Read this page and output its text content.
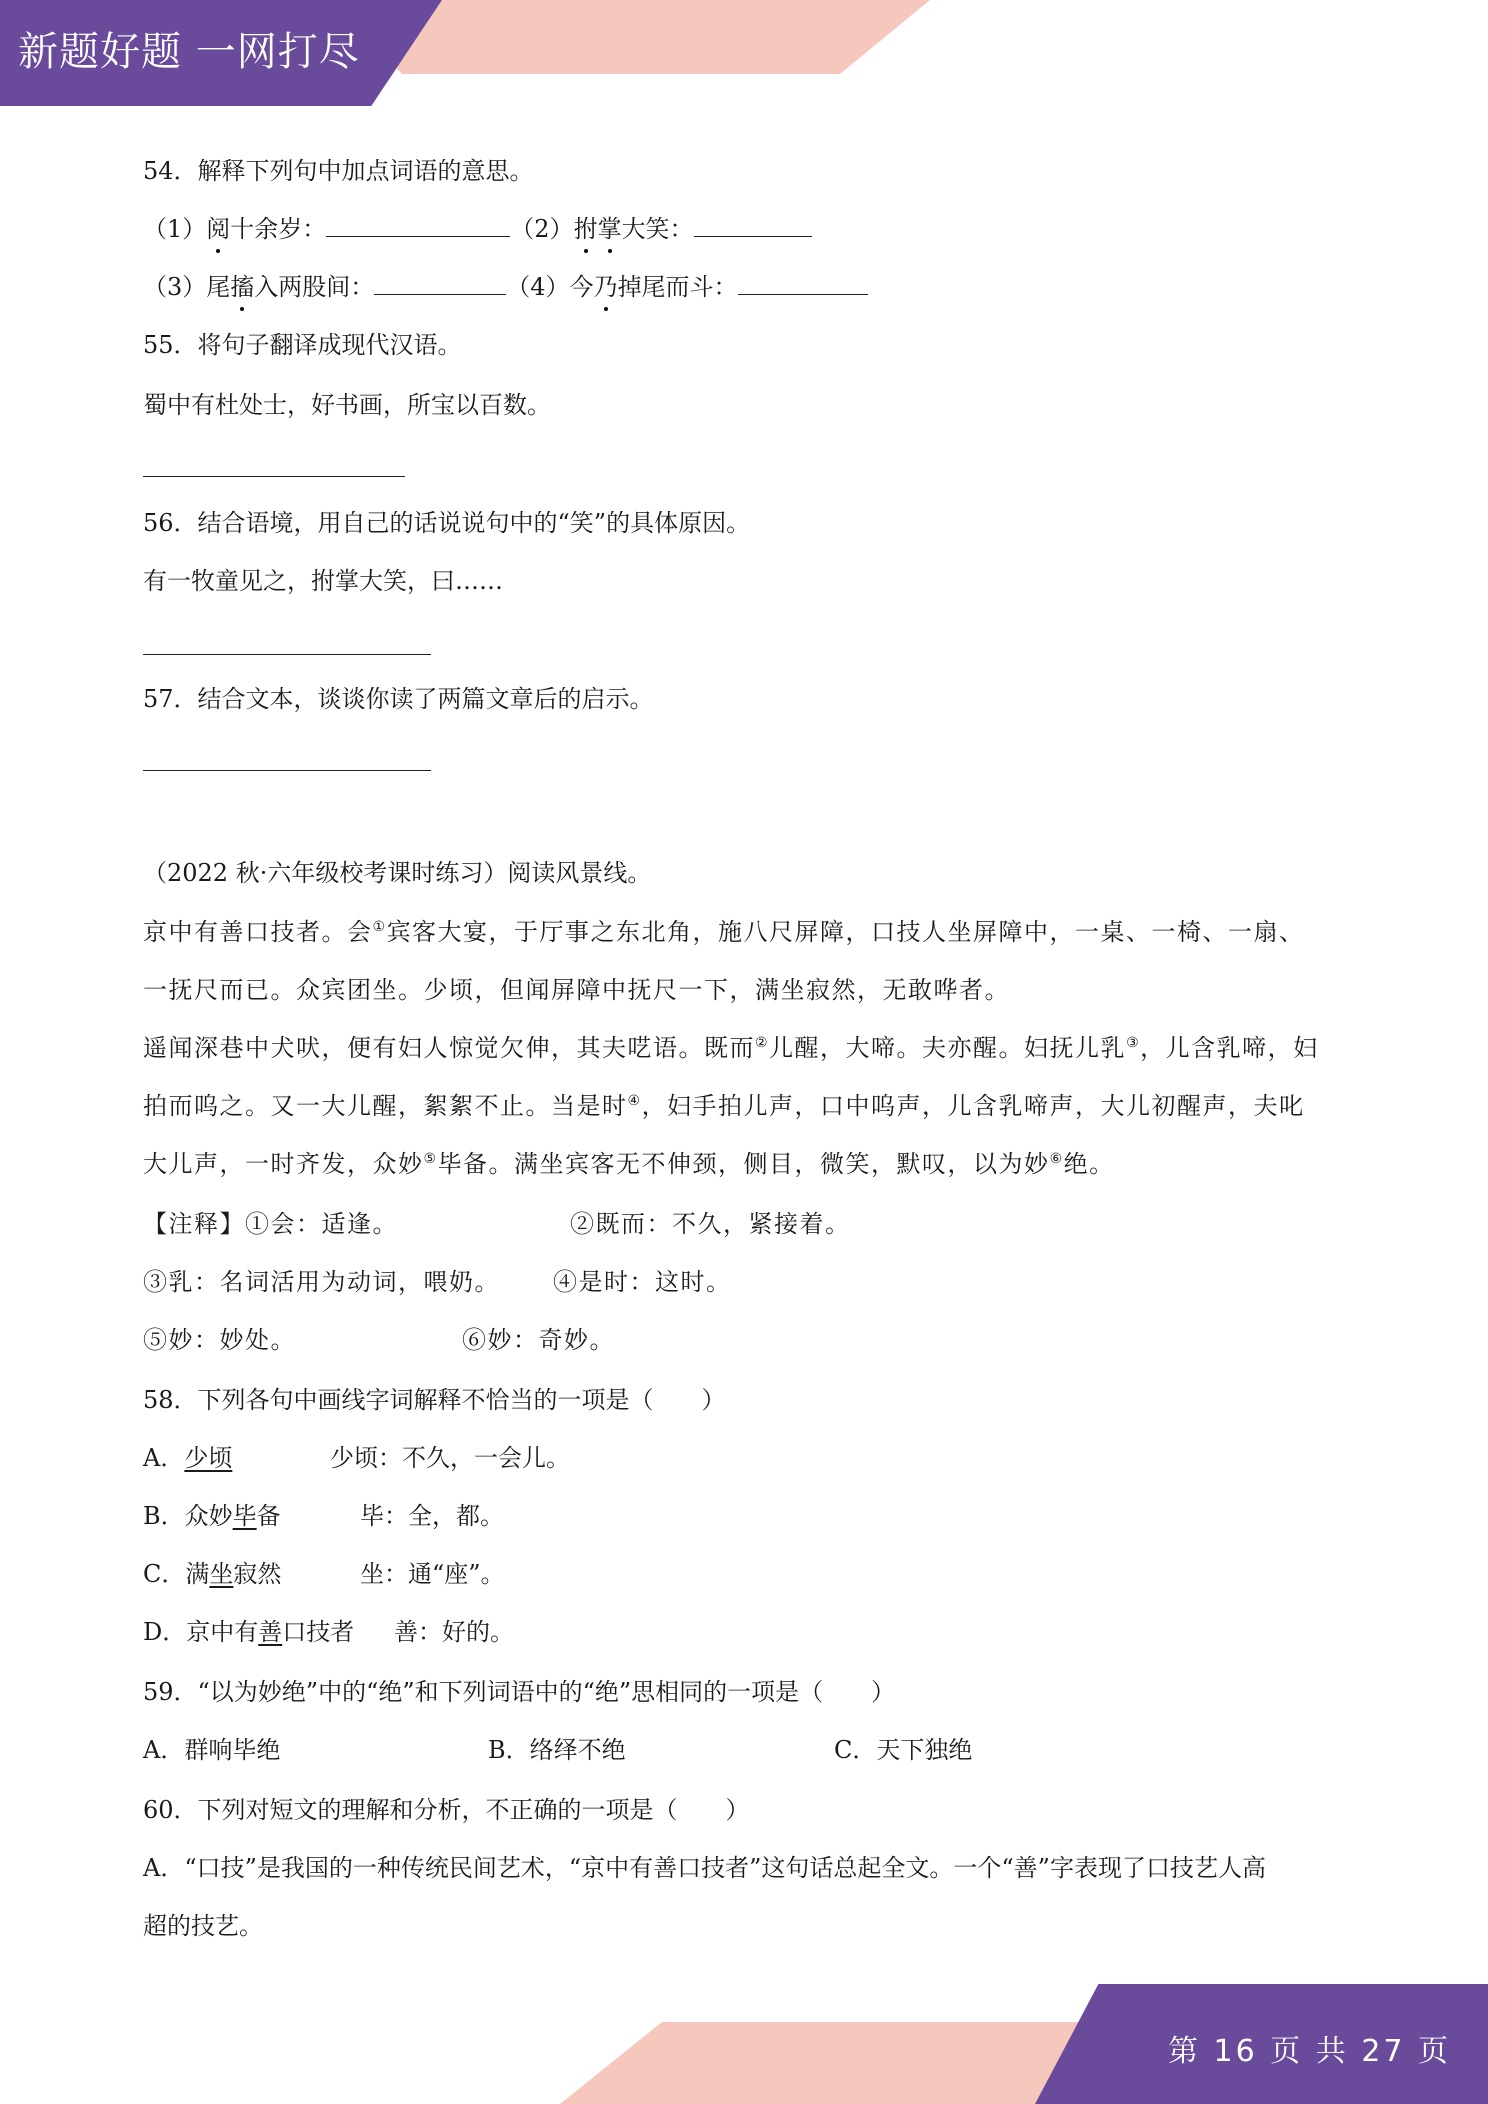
新题好题 一网打尽
54．解释下列句中加点词语的意思。
（1）阅十余岁：	（2）拊掌大笑：
（3）尾搐入两股间：	（4）今乃掉尾而斗：
55．将句子翻译成现代汉语。
蜀中有杜处士，好书画，所宝以百数。
56．结合语境，用自己的话说说句中的“笑”的具体原因。
有一牧童见之，拊掌大笑，曰……
57．结合文本，谈谈你读了两篇文章后的启示。
（2022 秋·六年级校考课时练习）阅读风景线。
京中有善口技者。会①宾客大宴，于厅事之东北角，施八尺屏障，口技人坐屏障中，一桌、一椅、一扇、
一抚尺而已。众宾团坐。少顷，但闻屏障中抚尺一下，满坐寂然，无敢哗者。
遥闻深巷中犬吠，便有妇人惊觉欠伸，其夫呓语。既而②儿醒，大啼。夫亦醒。妇抚儿乳③，儿含乳啼，妇
拍而呜之。又一大儿醒，絮絮不止。当是时④，妇手拍儿声，口中呜声，儿含乳啼声，大儿初醒声，夫叱
大儿声，一时齐发，众妙⑤毕备。满坐宾客无不伸颈，侧目，微笑，默叹，以为妙⑥绝。
【注释】①会：适逢。	②既而：不久，紧接着。
③乳：名词活用为动词，喂奶。 ④是时：这时。
⑤妙：妙处。	⑥妙：奇妙。
58．下列各句中画线字词解释不恰当的一项是（　　）
A．少顷	少顷：不久，一会儿。
B．众妙毕备	毕：全，都。
C．满坐寂然	坐：通“座”。
D．京中有善口技者 善：好的。
59．“以为妙绝”中的“绝”和下列词语中的“绝”思相同的一项是（　　）
A．群响毕绝	B．络绎不绝	C．天下独绝
60．下列对短文的理解和分析，不正确的一项是（　　）
A．“口技”是我国的一种传统民间艺术，“京中有善口技者”这句话总起全文。一个“善”字表现了口技艺人高
超的技艺。
第 16 页 共 27 页
